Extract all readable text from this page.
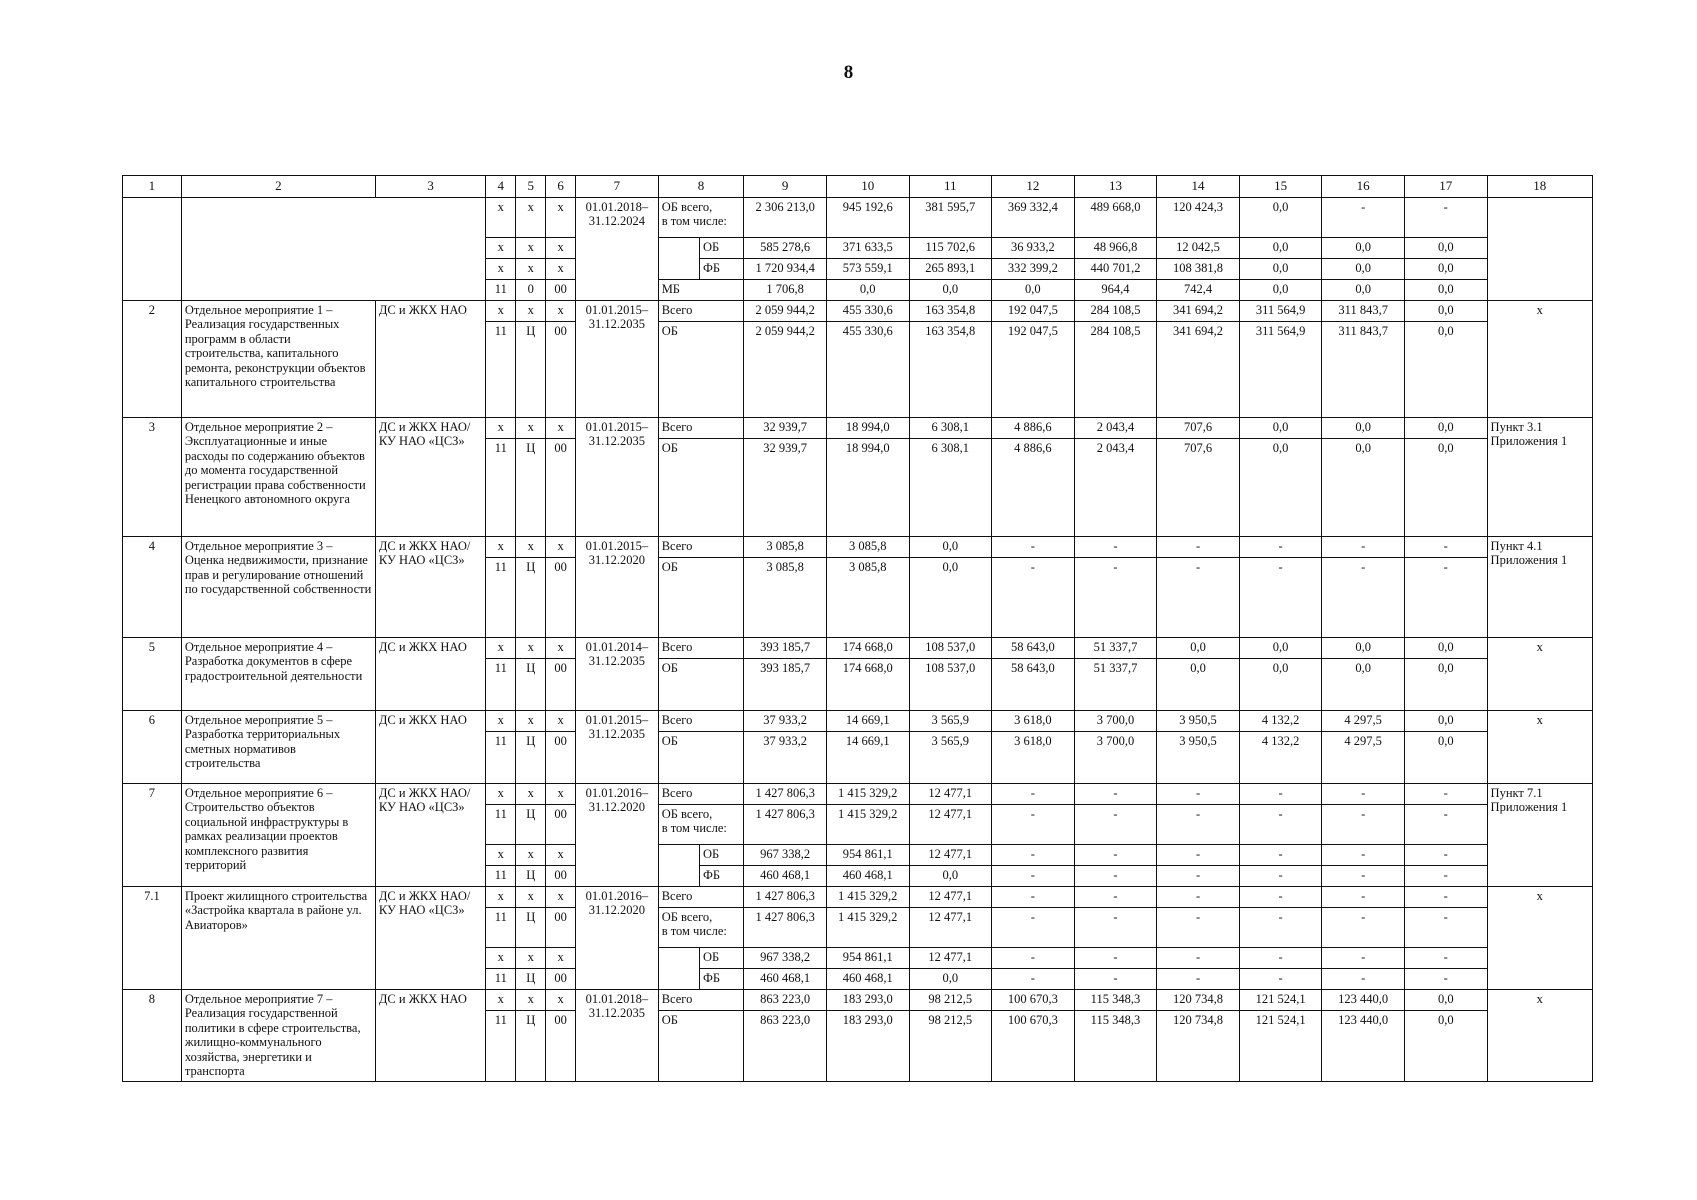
8
1	2	3	4	5	6	7	8		9	10	11	12	13	14	15	16	17	18
			x	x	x	01.01.2018–
31.12.2024	ОБ всего,
в том числе:		2 306 213,0	945 192,6	381 595,7	369 332,4	489 668,0	120 424,3	0,0	-	-	
			x	x	x			ОБ	585 278,6	371 633,5	115 702,6	36 933,2	48 966,8	12 042,5	0,0	0,0	0,0	
			x	x	x			ФБ	1 720 934,4	573 559,1	265 893,1	332 399,2	440 701,2	108 381,8	0,0	0,0	0,0	
			11	0	00		МБ		1 706,8	0,0	0,0	0,0	964,4	742,4	0,0	0,0	0,0	
2	Отдельное мероприятие 1 – Реализация государственных программ в области строительства, капитального ремонта, реконструкции объектов капитального строительства	ДС и ЖКХ НАО	x	x	x	01.01.2015–
31.12.2035	Всего		2 059 944,2	455 330,6	163 354,8	192 047,5	284 108,5	341 694,2	311 564,9	311 843,7	0,0	x
			11	Ц	00		ОБ		2 059 944,2	455 330,6	163 354,8	192 047,5	284 108,5	341 694,2	311 564,9	311 843,7	0,0	
3	Отдельное мероприятие 2 – Эксплуатационные и иные расходы по содержанию объектов до момента государственной регистрации права собственности Ненецкого автономного округа	ДС и ЖКХ НАО/ КУ НАО «ЦСЗ»	x	x	x	01.01.2015–
31.12.2035	Всего		32 939,7	18 994,0	6 308,1	4 886,6	2 043,4	707,6	0,0	0,0	0,0	Пункт 3.1 Приложения 1
			11	Ц	00		ОБ		32 939,7	18 994,0	6 308,1	4 886,6	2 043,4	707,6	0,0	0,0	0,0	
4	Отдельное мероприятие 3 – Оценка недвижимости, признание прав и регулирование отношений по государственной собственности	ДС и ЖКХ НАО/ КУ НАО «ЦСЗ»	x	x	x	01.01.2015–
31.12.2020	Всего		3 085,8	3 085,8	0,0	-	-	-	-	-	-	Пункт 4.1 Приложения 1
			11	Ц	00		ОБ		3 085,8	3 085,8	0,0	-	-	-	-	-	-	
5	Отдельное мероприятие 4 – Разработка документов в сфере градостроительной деятельности	ДС и ЖКХ НАО	x	x	x	01.01.2014–
31.12.2035	Всего		393 185,7	174 668,0	108 537,0	58 643,0	51 337,7	0,0	0,0	0,0	0,0	x
			11	Ц	00		ОБ		393 185,7	174 668,0	108 537,0	58 643,0	51 337,7	0,0	0,0	0,0	0,0	
6	Отдельное мероприятие 5 – Разработка территориальных сметных нормативов строительства	ДС и ЖКХ НАО	x	x	x	01.01.2015–
31.12.2035	Всего		37 933,2	14 669,1	3 565,9	3 618,0	3 700,0	3 950,5	4 132,2	4 297,5	0,0	x
			11	Ц	00		ОБ		37 933,2	14 669,1	3 565,9	3 618,0	3 700,0	3 950,5	4 132,2	4 297,5	0,0	
7	Отдельное мероприятие 6 – Строительство объектов социальной инфраструктуры в рамках реализации проектов комплексного развития территорий	ДС и ЖКХ НАО/ КУ НАО «ЦСЗ»	x	x	x	01.01.2016–
31.12.2020	Всего		1 427 806,3	1 415 329,2	12 477,1	-	-	-	-	-	-	Пункт 7.1 Приложения 1
			11	Ц	00		ОБ всего,
в том числе:		1 427 806,3	1 415 329,2	12 477,1	-	-	-	-	-	-	
			x	x	x			ОБ	967 338,2	954 861,1	12 477,1	-	-	-	-	-	-	
			11	Ц	00			ФБ	460 468,1	460 468,1	0,0	-	-	-	-	-	-	
7.1	Проект жилищного строительства «Застройка квартала в районе ул. Авиаторов»	ДС и ЖКХ НАО/ КУ НАО «ЦСЗ»	x	x	x	01.01.2016–
31.12.2020	Всего		1 427 806,3	1 415 329,2	12 477,1	-	-	-	-	-	-	x
			11	Ц	00		ОБ всего,
в том числе:		1 427 806,3	1 415 329,2	12 477,1	-	-	-	-	-	-	
			x	x	x			ОБ	967 338,2	954 861,1	12 477,1	-	-	-	-	-	-	
			11	Ц	00			ФБ	460 468,1	460 468,1	0,0	-	-	-	-	-	-	
8	Отдельное мероприятие 7 – Реализация государственной политики в сфере строительства, жилищно-коммунального хозяйства, энергетики и транспорта	ДС и ЖКХ НАО	x	x	x	01.01.2018–
31.12.2035	Всего		863 223,0	183 293,0	98 212,5	100 670,3	115 348,3	120 734,8	121 524,1	123 440,0	0,0	x
			11	Ц	00		ОБ		863 223,0	183 293,0	98 212,5	100 670,3	115 348,3	120 734,8	121 524,1	123 440,0	0,0	
